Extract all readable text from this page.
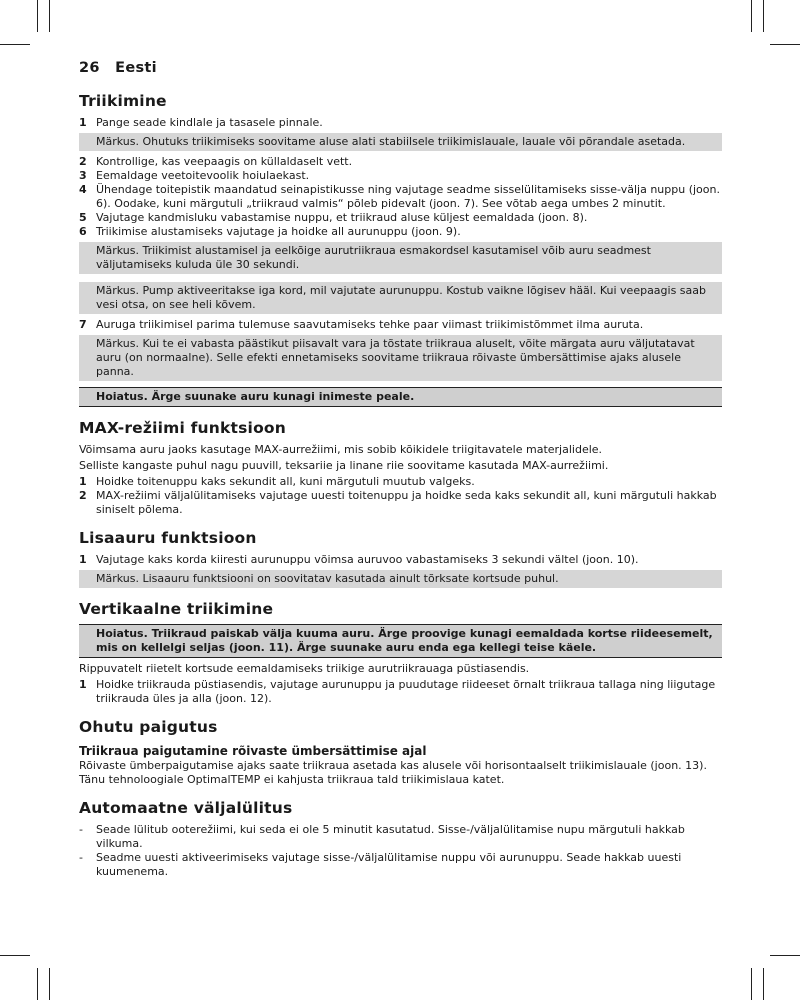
26 Eesti
Triikimine
1 Pange seade kindlale ja tasasele pinnale.
Märkus. Ohutuks triikimiseks soovitame aluse alati stabiilsele triikimislauale, lauale või põrandale asetada.
2 Kontrollige, kas veepaagis on küllaldaselt vett.
3 Eemaldage veetoitevoolik hoiulaekast.
4 Ühendage toitepistik maandatud seinapistikusse ning vajutage seadme sisselülitamiseks sisse-välja nuppu (joon. 6). Oodake, kuni märgutuli „triikraud valmis“ põleb pidevalt (joon. 7). See võtab aega umbes 2 minutit.
5 Vajutage kandmisluku vabastamise nuppu, et triikraud aluse küljest eemaldada (joon. 8).
6 Triikimise alustamiseks vajutage ja hoidke all aurunuppu (joon. 9).
Märkus. Triikimist alustamisel ja eelkõige aurutriikraua esmakordsel kasutamisel võib auru seadmest väljutamiseks kuluda üle 30 sekundi.
Märkus. Pump aktiveeritakse iga kord, mil vajutate aurunuppu. Kostub vaikne lõgisev hääl. Kui veepaagis saab vesi otsa, on see heli kõvem.
7 Auruga triikimisel parima tulemuse saavutamiseks tehke paar viimast triikimistõmmet ilma auruta.
Märkus. Kui te ei vabasta päästikut piisavalt vara ja tõstate triikraua aluselt, võite märgata auru väljutatavat auru (on normaalne). Selle efekti ennetamiseks soovitame triikraua rõivaste ümbersättimise ajaks alusele panna.
Hoiatus. Ärge suunake auru kunagi inimeste peale.
MAX-režiimi funktsioon

Võimsama auru jaoks kasutage MAX-aurrežiimi, mis sobib kõikidele triigitavatele materjalidele.

Selliste kangaste puhul nagu puuvill, teksariie ja linane riie soovitame kasutada MAX-aurrežiimi.

1 Hoidke toitenuppu kaks sekundit all, kuni märgutuli muutub valgeks.
2 MAX-režiimi väljalülitamiseks vajutage uuesti toitenuppu ja hoidke seda kaks sekundit all, kuni märgutuli hakkab siniselt põlema.
Lisaauru funktsioon
1 Vajutage kaks korda kiiresti aurunuppu võimsa auruvoo vabastamiseks 3 sekundi vältel (joon. 10).
Märkus. Lisaauru funktsiooni on soovitatav kasutada ainult tõrksate kortsude puhul.
Vertikaalne triikimine
Hoiatus. Triikraud paiskab välja kuuma auru. Ärge proovige kunagi eemaldada kortse riideesemelt, mis on kellelgi seljas (joon. 11). Ärge suunake auru enda ega kellegi teise käele.

Rippuvatelt riietelt kortsude eemaldamiseks triikige aurutriikrauaga püstiasendis.

1 Hoidke triikrauda püstiasendis, vajutage aurunuppu ja puudutage riideeset õrnalt triikraua tallaga ning liigutage triikrauda üles ja alla (joon. 12).
Ohutu paigutus
Triikraua paigutamine rõivaste ümbersättimise ajal

Rõivaste ümberpaigutamise ajaks saate triikraua asetada kas alusele või horisontaalselt triikimislauale (joon. 13). Tänu tehnoloogiale OptimalTEMP ei kahjusta triikraua tald triikimislaua katet.

Automaatne väljalülitus
-	Seade lülitub ooterežiimi, kui seda ei ole 5 minutit kasutatud. Sisse-/väljalülitamise nupu märgutuli hakkab vilkuma.
-	Seadme uuesti aktiveerimiseks vajutage sisse-/väljalülitamise nuppu või aurunuppu. Seade hakkab uuesti kuumenema.
